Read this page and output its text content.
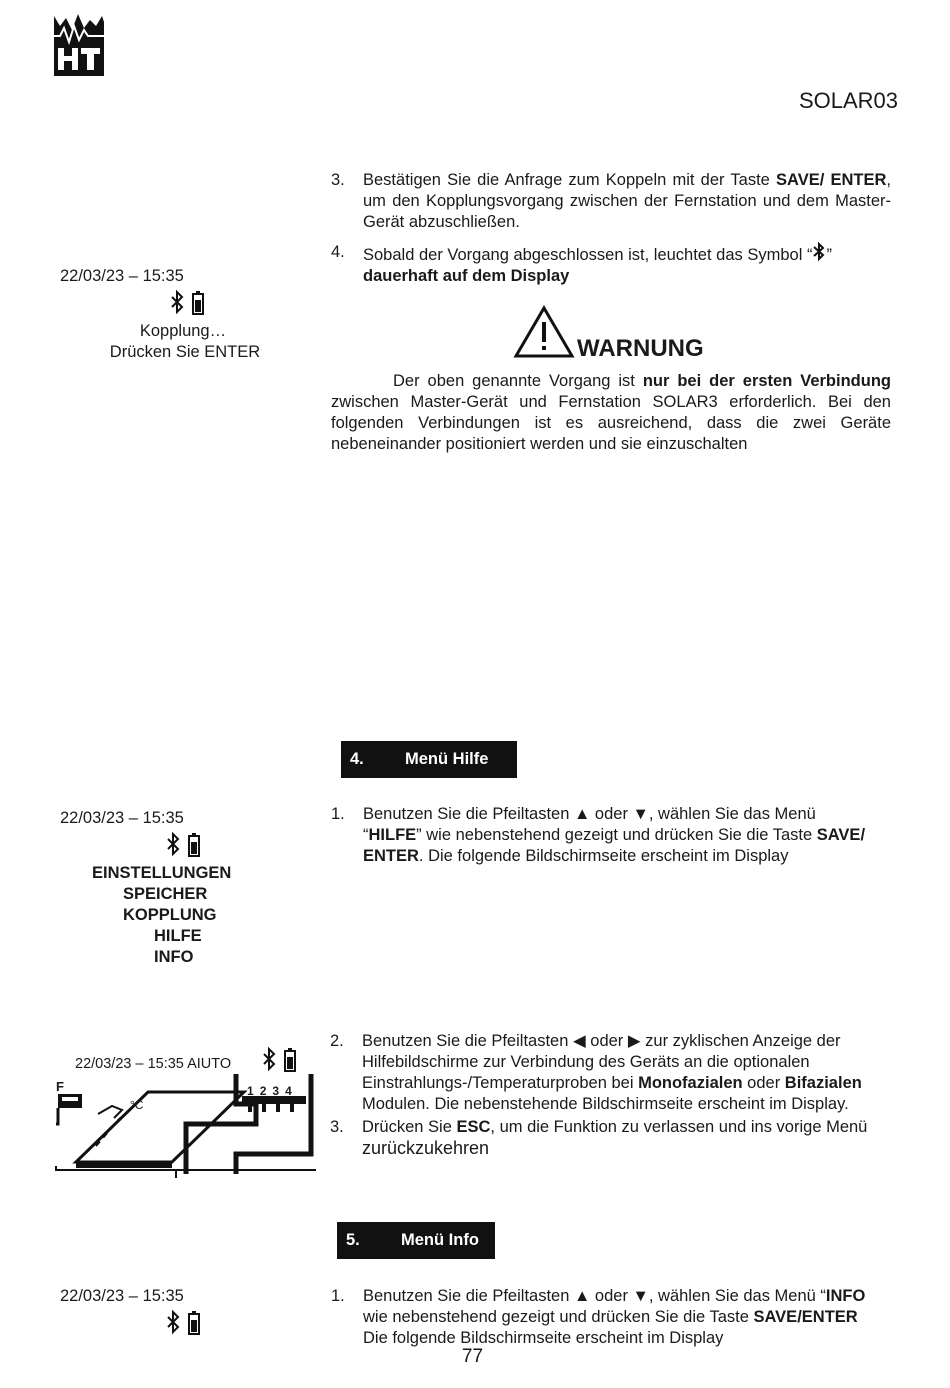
SOLAR03
22/03/23 – 15:35
Kopplung…
Drücken Sie ENTER
3. Bestätigen Sie die Anfrage zum Koppeln mit der Taste SAVE/ ENTER, um den Kopplungsvorgang zwischen der Fernstation und dem Master-Gerät abzuschließen.
4. Sobald der Vorgang abgeschlossen ist, leuchtet das Symbol “ ”
dauerhaft auf dem Display
WARNUNG
Der oben genannte Vorgang ist nur bei der ersten Verbindung zwischen Master-Gerät und Fernstation SOLAR3 erforderlich. Bei den folgenden Verbindungen ist es ausreichend, dass die zwei Geräte nebeneinander positioniert werden und sie einzuschalten
4. Menü Hilfe
22/03/23 – 15:35
EINSTELLUNGEN
SPEICHER
KOPPLUNG
HILFE
INFO
1. Benutzen Sie die Pfeiltasten ▲ oder ▼, wählen Sie das Menü
“HILFE” wie nebenstehend gezeigt und drücken Sie die Taste SAVE/
ENTER. Die folgende Bildschirmseite erscheint im Display
22/03/23 – 15:35 AIUTO
F
°C
1234
2. Benutzen Sie die Pfeiltasten ◀ oder ▶ zur zyklischen Anzeige der
Hilfebildschirme zur Verbindung des Geräts an die optionalen
Einstrahlungs-/Temperaturproben bei Monofazialen oder Bifazialen
Modulen. Die nebenstehende Bildschirmseite erscheint im Display.
3. Drücken Sie ESC, um die Funktion zu verlassen und ins vorige Menü
zurückzukehren
5. Menü Info
22/03/23 – 15:35	1. Benutzen Sie die Pfeiltasten ▲ oder ▼, wählen Sie das Menü “INFO
wie nebenstehend gezeigt und drücken Sie die Taste SAVE/ENTER
Die folgende Bildschirmseite erscheint im Display
77
